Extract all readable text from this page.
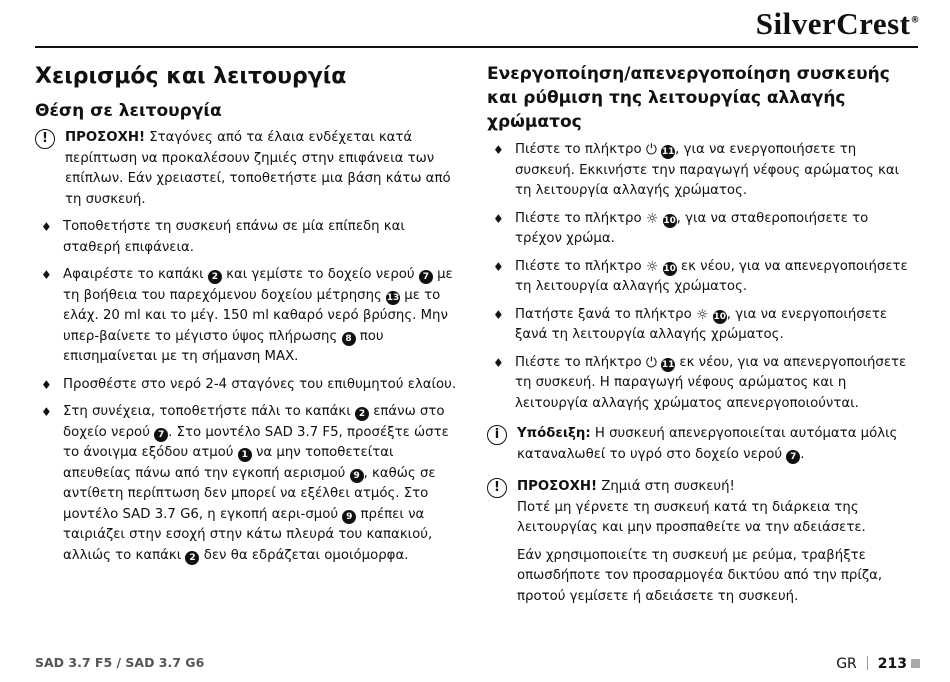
SilverCrest®
Χειρισμός και λειτουργία
Θέση σε λειτουργία
!	ΠΡΟΣΟΧΗ! Σταγόνες από τα έλαια ενδέχεται κατά περίπτωση να προκαλέσουν ζημιές στην επιφάνεια των επίπλων. Εάν χρειαστεί, τοποθετήστε μια βάση κάτω από τη συσκευή.
♦ Τοποθετήστε τη συσκευή επάνω σε μία επίπεδη και σταθερή επιφάνεια.
♦ Αφαιρέστε το καπάκι 2 και γεμίστε το δοχείο νερού 7 με τη βοήθεια του παρεχόμενου δοχείου μέτρησης 13 με το ελάχ. 20 ml και το μέγ. 150 ml καθαρό νερό βρύσης. Μην υπερ-βαίνετε το μέγιστο ύψος πλήρωσης 8 που επισημαίνεται με τη σήμανση MAX.
♦ Προσθέστε στο νερό 2-4 σταγόνες του επιθυμητού ελαίου.
♦ Στη συνέχεια, τοποθετήστε πάλι το καπάκι 2 επάνω στο δοχείο νερού 7 . Στο μοντέλο SAD 3.7 F5, προσέξτε ώστε το άνοιγμα εξόδου ατμού 1 να μην τοποθετείται απευθείας πάνω από την εγκοπή αερισμού 9 , καθώς σε αντίθετη περίπτωση δεν μπορεί να εξέλθει ατμός. Στο μοντέλο SAD 3.7 G6, η εγκοπή αερι-σμού 9 πρέπει να ταιριάζει στην εσοχή στην κάτω πλευρά του καπακιού, αλλιώς το καπάκι 2 δεν θα εδράζεται ομοιόμορφα.
Ενεργοποίηση/απενεργοποίηση συσκευής και ρύθμιση της λειτουργίας αλλαγής χρώματος
♦ Πιέστε το πλήκτρο ⏻ 11, για να ενεργοποιήσετε τη συσκευή. Εκκινήστε την παραγωγή νέφους αρώματος και τη λειτουργία αλλαγής χρώματος.
♦ Πιέστε το πλήκτρο ☼ 10, για να σταθεροποιήσετε το τρέχον χρώμα.
♦ Πιέστε το πλήκτρο ☼ 10 εκ νέου, για να απενεργοποιήσετε τη λειτουργία αλλαγής χρώματος.
♦ Πατήστε ξανά το πλήκτρο ☼ 10, για να ενεργοποιήσετε ξανά τη λειτουργία αλλαγής χρώματος.
♦ Πιέστε το πλήκτρο ⏻ 11 εκ νέου, για να απενεργοποιήσετε τη συσκευή. Η παραγωγή νέφους αρώματος και η λειτουργία αλλαγής χρώματος απενεργοποιούνται.
i	Υπόδειξη: Η συσκευή απενεργοποιείται αυτόματα μόλις καταναλωθεί το υγρό στο δοχείο νερού 7 .
!	ΠΡΟΣΟΧΗ! Ζημιά στη συσκευή!
Ποτέ μη γέρνετε τη συσκευή κατά τη διάρκεια της λειτουργίας και μην προσπαθείτε να την αδειάσετε.
Εάν χρησιμοποιείτε τη συσκευή με ρεύμα, τραβήξτε οπωσδήποτε τον προσαρμογέα δικτύου από την πρίζα, προτού γεμίσετε ή αδειάσετε τη συσκευή.
SAD 3.7 F5 / SAD 3.7 G6	GR 213
